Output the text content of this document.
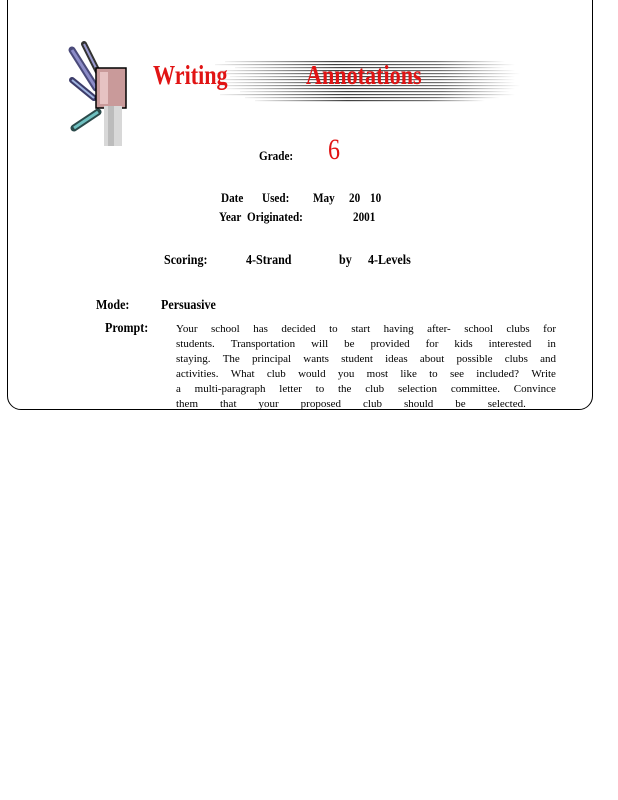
Writing	Annotations
Grade: 6
Date Used: May 20 10
Year Originated:	2001
Scoring:	4-Strand	by 4-Levels
Mode: Persuasive
Prompt:	Your school has decided to start having after- school clubs for
students. Transportation will be provided for kids interested in
staying. The principal wants student ideas about possible clubs and
activities. What club would you most like to see included? Write
a multi-paragraph letter to the club selection committee. Convince
them that your proposed club should be selected.
